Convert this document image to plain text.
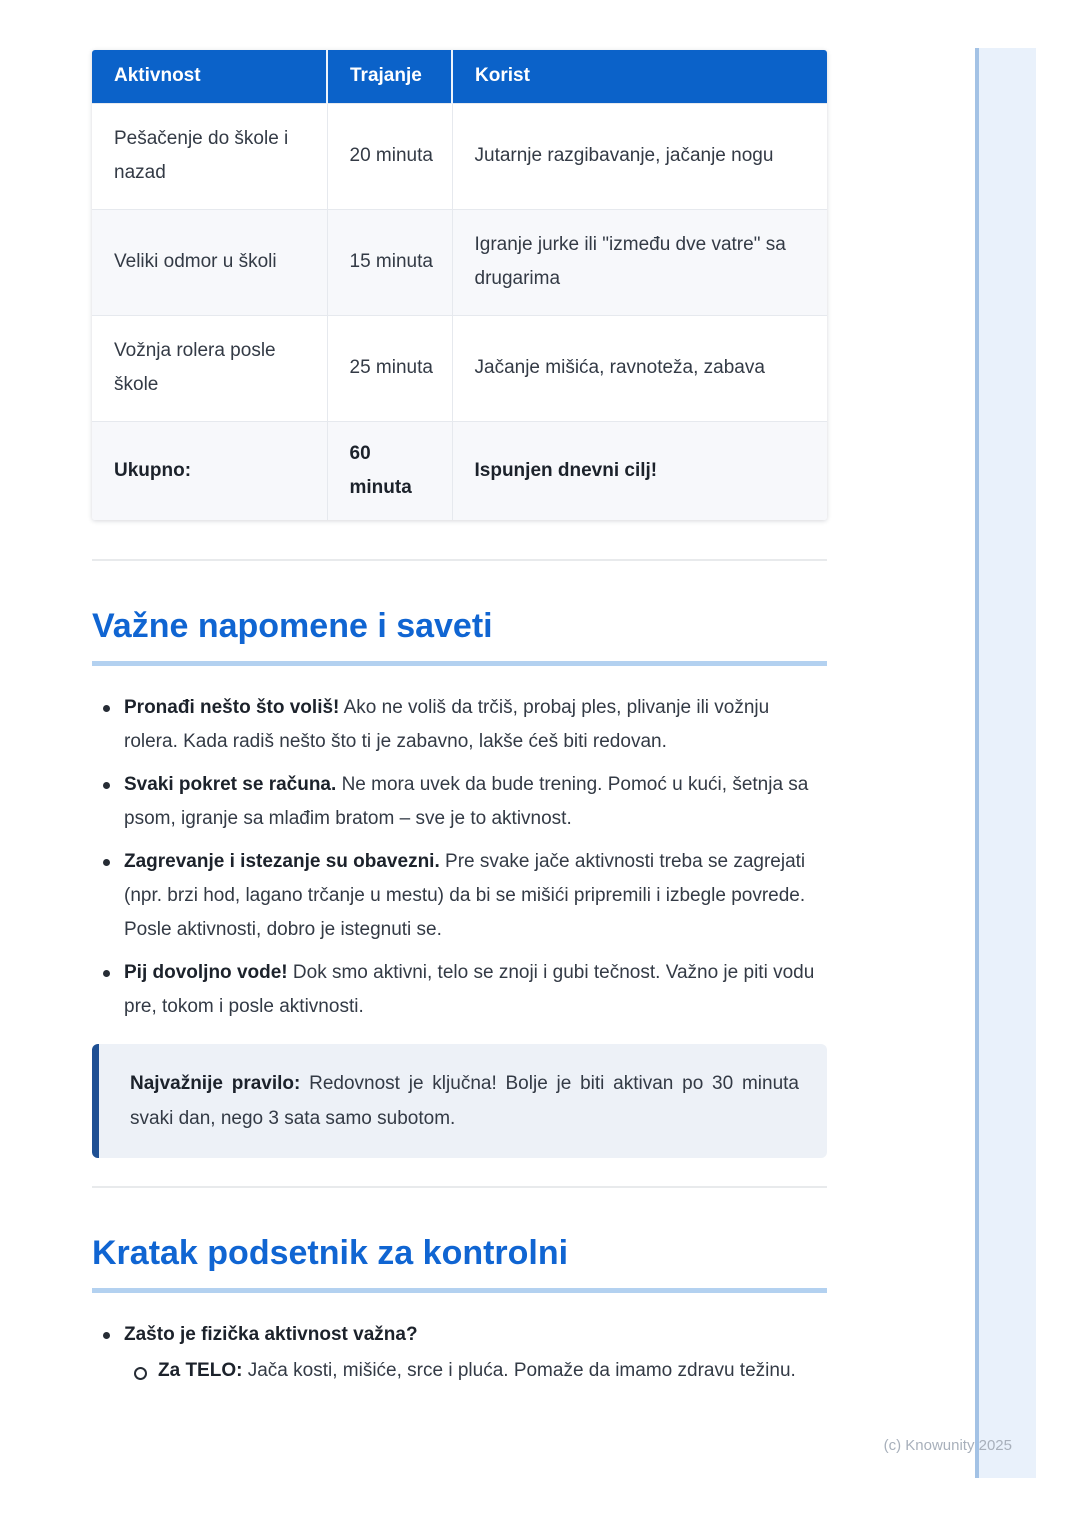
Aktivnost	Trajanje	Korist
Pešačenje do škole i nazad	20 minuta	Jutarnje razgibavanje, jačanje nogu
Veliki odmor u školi	15 minuta	Igranje jurke ili "između dve vatre" sa drugarima
Vožnja rolera posle škole	25 minuta	Jačanje mišića, ravnoteža, zabava
Ukupno:	60 minuta	Ispunjen dnevni cilj!
Važne napomene i saveti
Pronađi nešto što voliš! Ako ne voliš da trčiš, probaj ples, plivanje ili vožnju rolera. Kada radiš nešto što ti je zabavno, lakše ćeš biti redovan.
Svaki pokret se računa. Ne mora uvek da bude trening. Pomoć u kući, šetnja sa psom, igranje sa mlađim bratom – sve je to aktivnost.
Zagrevanje i istezanje su obavezni. Pre svake jače aktivnosti treba se zagrejati (npr. brzi hod, lagano trčanje u mestu) da bi se mišići pripremili i izbegle povrede. Posle aktivnosti, dobro je istegnuti se.
Pij dovoljno vode! Dok smo aktivni, telo se znoji i gubi tečnost. Važno je piti vodu pre, tokom i posle aktivnosti.

Najvažnije pravilo: Redovnost je ključna! Bolje je biti aktivan po 30 minuta svaki dan, nego 3 sata samo subotom.

Kratak podsetnik za kontrolni
Zašto je fizička aktivnost važna?
Za TELO: Jača kosti, mišiće, srce i pluća. Pomaže da imamo zdravu težinu.
(c) Knowunity 2025
